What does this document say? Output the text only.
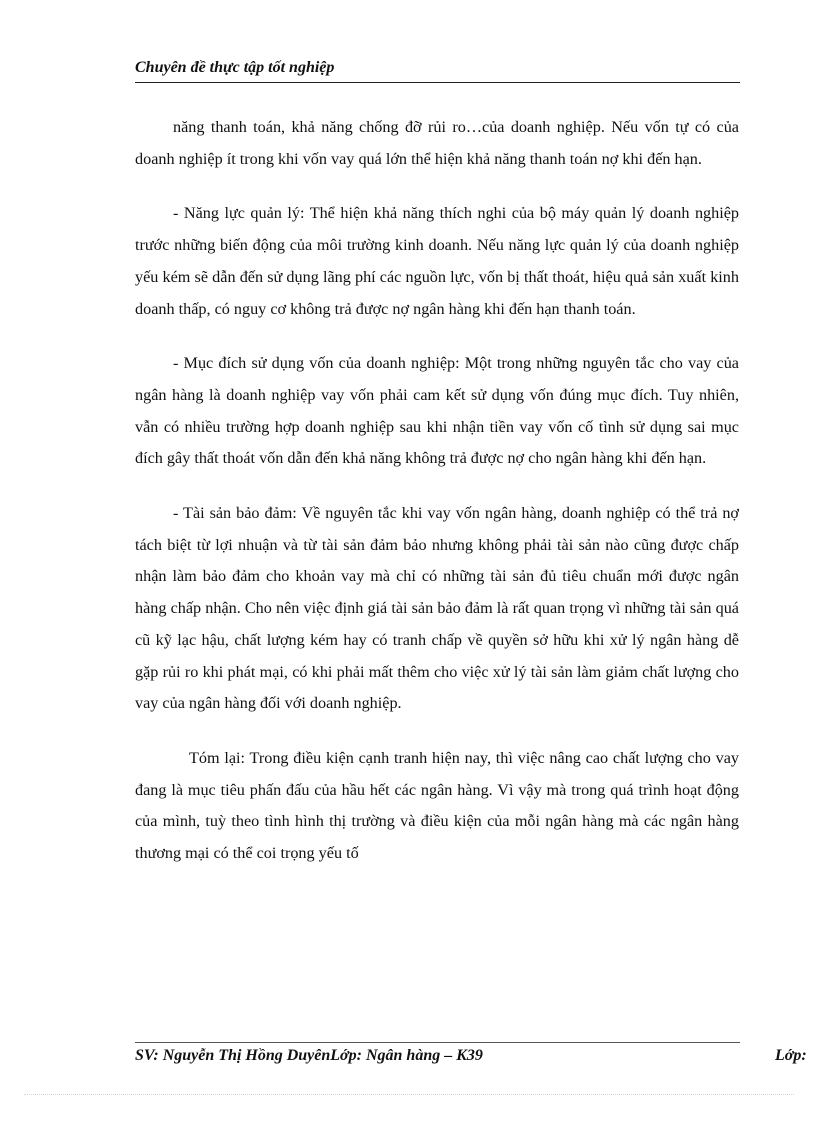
Chuyên đề thực tập tốt nghiệp

năng thanh toán, khả năng chống đỡ rủi ro…của doanh nghiệp. Nếu vốn tự có của doanh nghiệp ít trong khi vốn vay quá lớn thể hiện khả năng thanh toán nợ khi đến hạn.

- Năng lực quản lý: Thể hiện khả năng thích nghi của bộ máy quản lý doanh nghiệp trước những biến động của môi trường kinh doanh. Nếu năng lực quản lý của doanh nghiệp yếu kém sẽ dẫn đến sử dụng lãng phí các nguồn lực, vốn bị thất thoát, hiệu quả sản xuất kinh doanh thấp, có nguy cơ không trả được nợ ngân hàng khi đến hạn thanh toán.

- Mục đích sử dụng vốn của doanh nghiệp: Một trong những nguyên tắc cho vay của ngân hàng là doanh nghiệp vay vốn phải cam kết sử dụng vốn đúng mục đích. Tuy nhiên, vẫn có nhiều trường hợp doanh nghiệp sau khi nhận tiền vay vốn cố tình sử dụng sai mục đích gây thất thoát vốn dẫn đến khả năng không trả được nợ cho ngân hàng khi đến hạn.

- Tài sản bảo đảm: Về nguyên tắc khi vay vốn ngân hàng, doanh nghiệp có thể trả nợ tách biệt từ lợi nhuận và từ tài sản đảm bảo nhưng không phải tài sản nào cũng được chấp nhận làm bảo đảm cho khoản vay mà chỉ có những tài sản đủ tiêu chuẩn mới được ngân hàng chấp nhận. Cho nên việc định giá tài sản bảo đảm là rất quan trọng vì những tài sản quá cũ kỹ lạc hậu, chất lượng kém hay có tranh chấp về quyền sở hữu khi xử lý ngân hàng dễ gặp rủi ro khi phát mại, có khi phải mất thêm cho việc xử lý tài sản làm giảm chất lượng cho vay của ngân hàng đối với doanh nghiệp.

Tóm lại: Trong điều kiện cạnh tranh hiện nay, thì việc nâng cao chất lượng cho vay đang là mục tiêu phấn đấu của hầu hết các ngân hàng. Vì vậy mà trong quá trình hoạt động của mình, tuỳ theo tình hình thị trường và điều kiện của mỗi ngân hàng mà các ngân hàng thương mại có thể coi trọng yếu tố

SV: Nguyễn Thị Hồng DuyênLớp: Ngân hàng – K39	Lớp:
